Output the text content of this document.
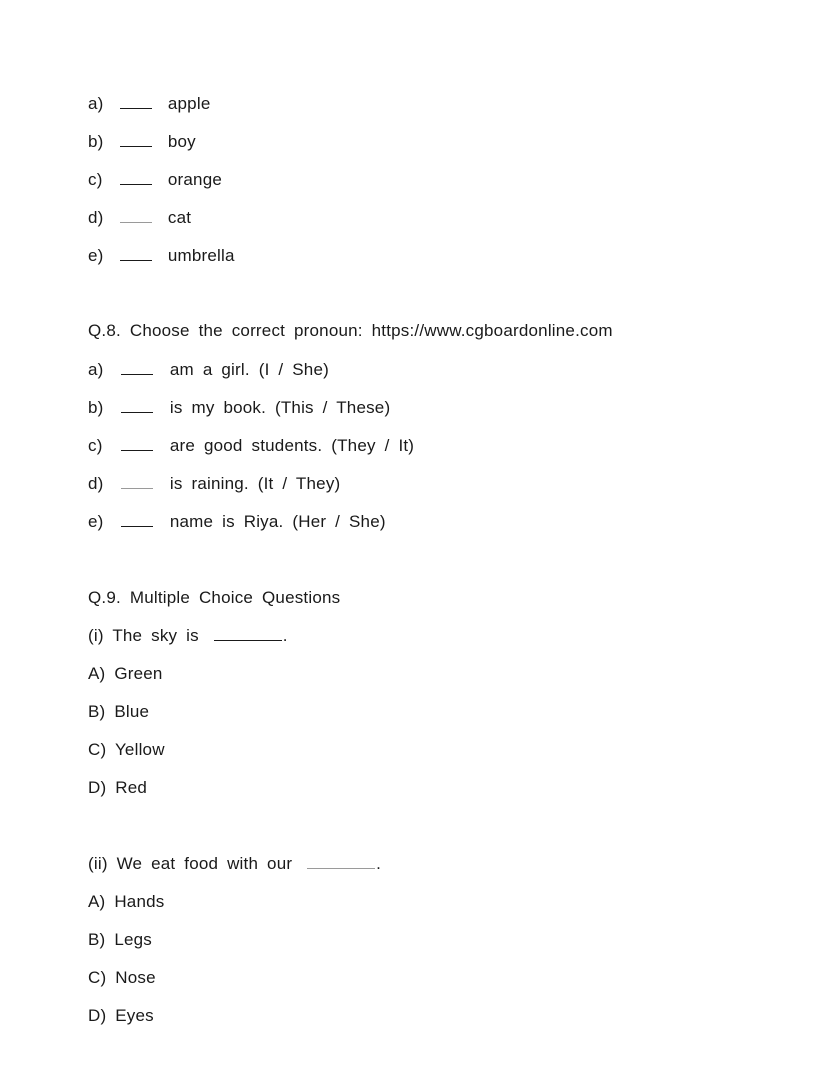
a)	apple
b)	boy
c)	orange
d)	cat
e)	umbrella
Q.8. Choose the correct pronoun: https://www.cgboardonline.com
a)	am a girl. (I / She)
b)	is my book. (This / These)
c)	are good students. (They / It)
d)	is raining. (It / They)
e)	name is Riya. (Her / She)
Q.9. Multiple Choice Questions
(i) The sky is	.
A) Green
B) Blue
C) Yellow
D) Red
(ii) We eat food with our	.
A) Hands
B) Legs
C) Nose
D) Eyes
